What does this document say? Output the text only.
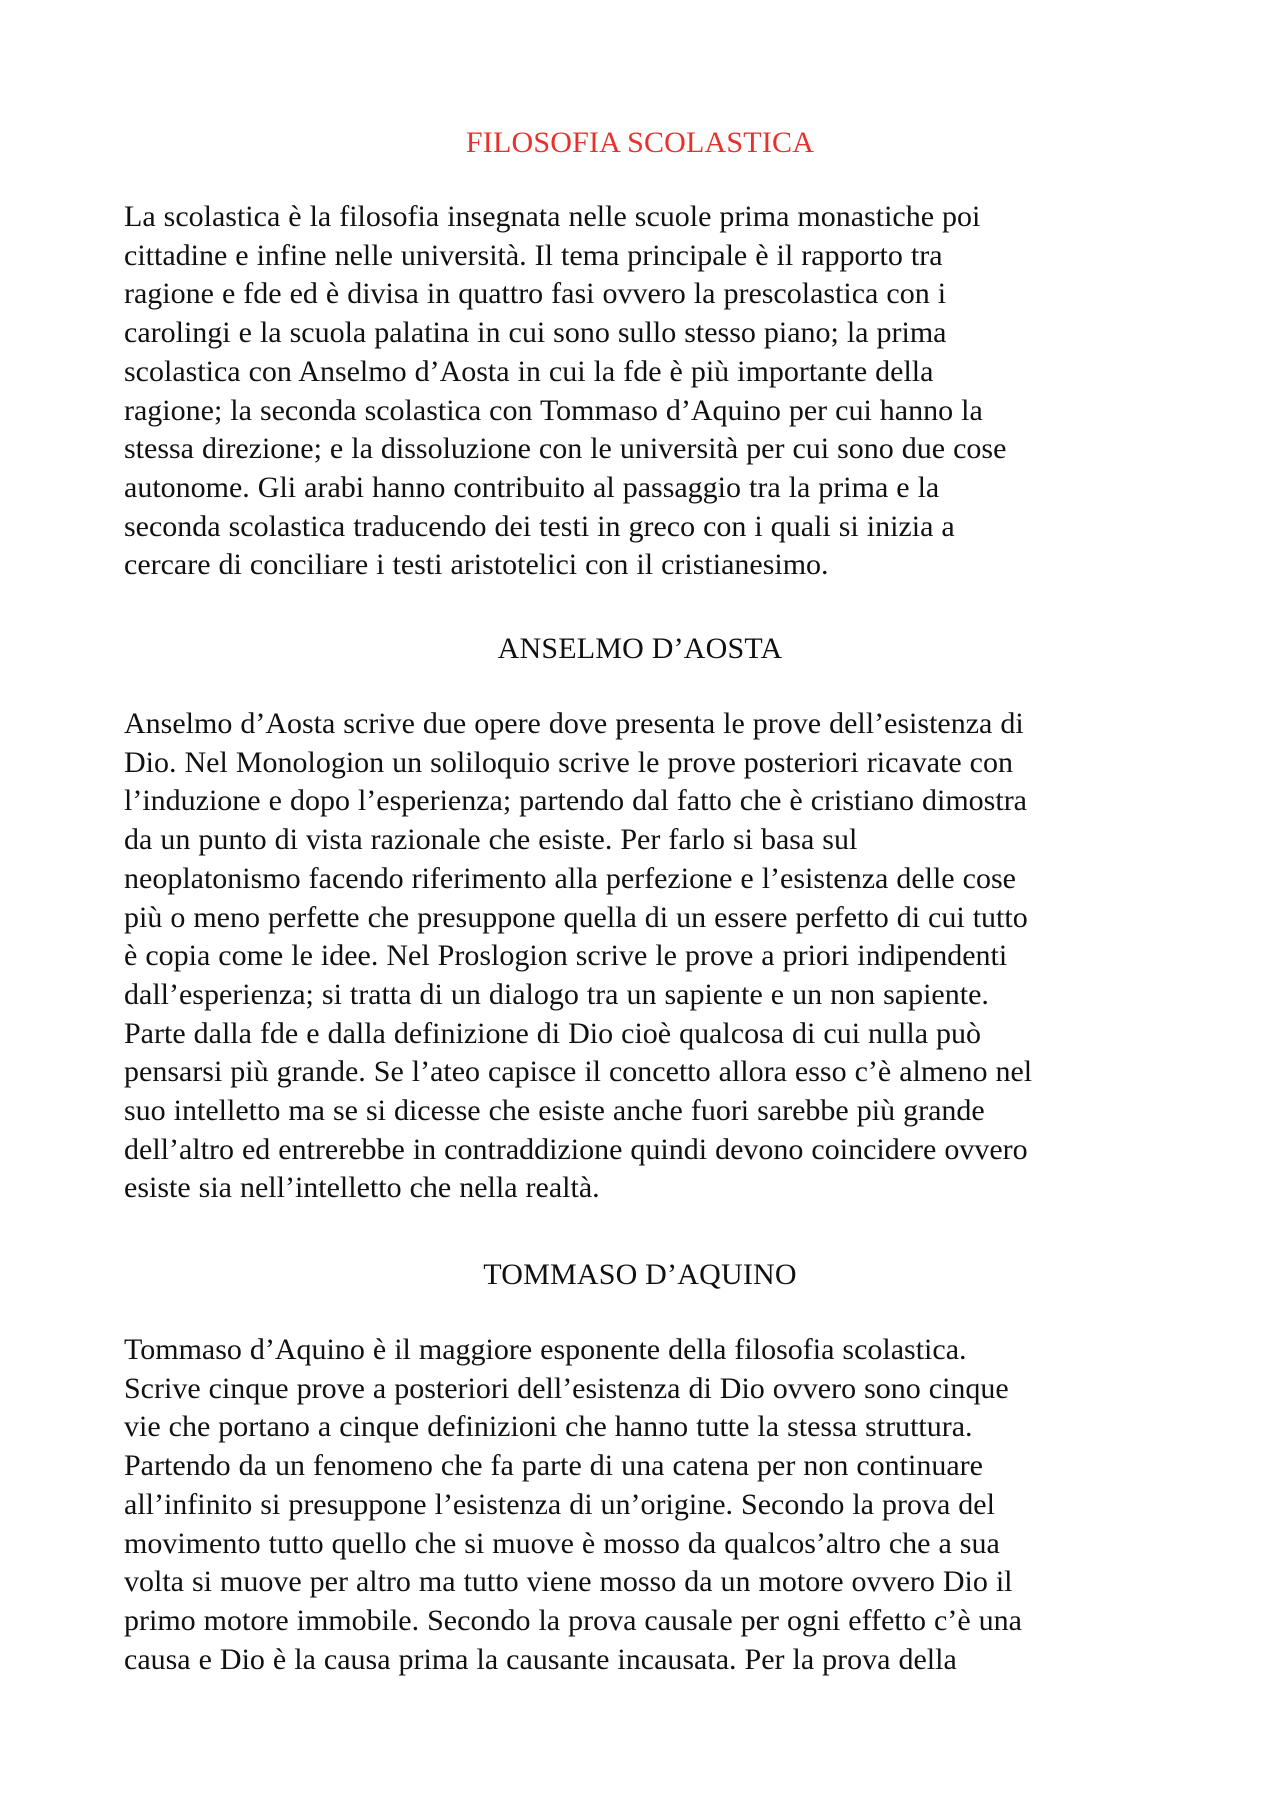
FILOSOFIA SCOLASTICA

La scolastica è la filosofia insegnata nelle scuole prima monastiche poi
cittadine e infine nelle università. Il tema principale è il rapporto tra
ragione e fde ed è divisa in quattro fasi ovvero la prescolastica con i
carolingi e la scuola palatina in cui sono sullo stesso piano; la prima
scolastica con Anselmo d’Aosta in cui la fde è più importante della
ragione; la seconda scolastica con Tommaso d’Aquino per cui hanno la
stessa direzione; e la dissoluzione con le università per cui sono due cose
autonome. Gli arabi hanno contribuito al passaggio tra la prima e la
seconda scolastica traducendo dei testi in greco con i quali si inizia a
cercare di conciliare i testi aristotelici con il cristianesimo.

ANSELMO D’AOSTA

Anselmo d’Aosta scrive due opere dove presenta le prove dell’esistenza di
Dio. Nel Monologion un soliloquio scrive le prove posteriori ricavate con
l’induzione e dopo l’esperienza; partendo dal fatto che è cristiano dimostra
da un punto di vista razionale che esiste. Per farlo si basa sul
neoplatonismo facendo riferimento alla perfezione e l’esistenza delle cose
più o meno perfette che presuppone quella di un essere perfetto di cui tutto
è copia come le idee. Nel Proslogion scrive le prove a priori indipendenti
dall’esperienza; si tratta di un dialogo tra un sapiente e un non sapiente.
Parte dalla fde e dalla definizione di Dio cioè qualcosa di cui nulla può
pensarsi più grande. Se l’ateo capisce il concetto allora esso c’è almeno nel
suo intelletto ma se si dicesse che esiste anche fuori sarebbe più grande
dell’altro ed entrerebbe in contraddizione quindi devono coincidere ovvero
esiste sia nell’intelletto che nella realtà.

TOMMASO D’AQUINO

Tommaso d’Aquino è il maggiore esponente della filosofia scolastica.
Scrive cinque prove a posteriori dell’esistenza di Dio ovvero sono cinque
vie che portano a cinque definizioni che hanno tutte la stessa struttura.
Partendo da un fenomeno che fa parte di una catena per non continuare
all’infinito si presuppone l’esistenza di un’origine. Secondo la prova del
movimento tutto quello che si muove è mosso da qualcos’altro che a sua
volta si muove per altro ma tutto viene mosso da un motore ovvero Dio il
primo motore immobile. Secondo la prova causale per ogni effetto c’è una
causa e Dio è la causa prima la causante incausata. Per la prova della
